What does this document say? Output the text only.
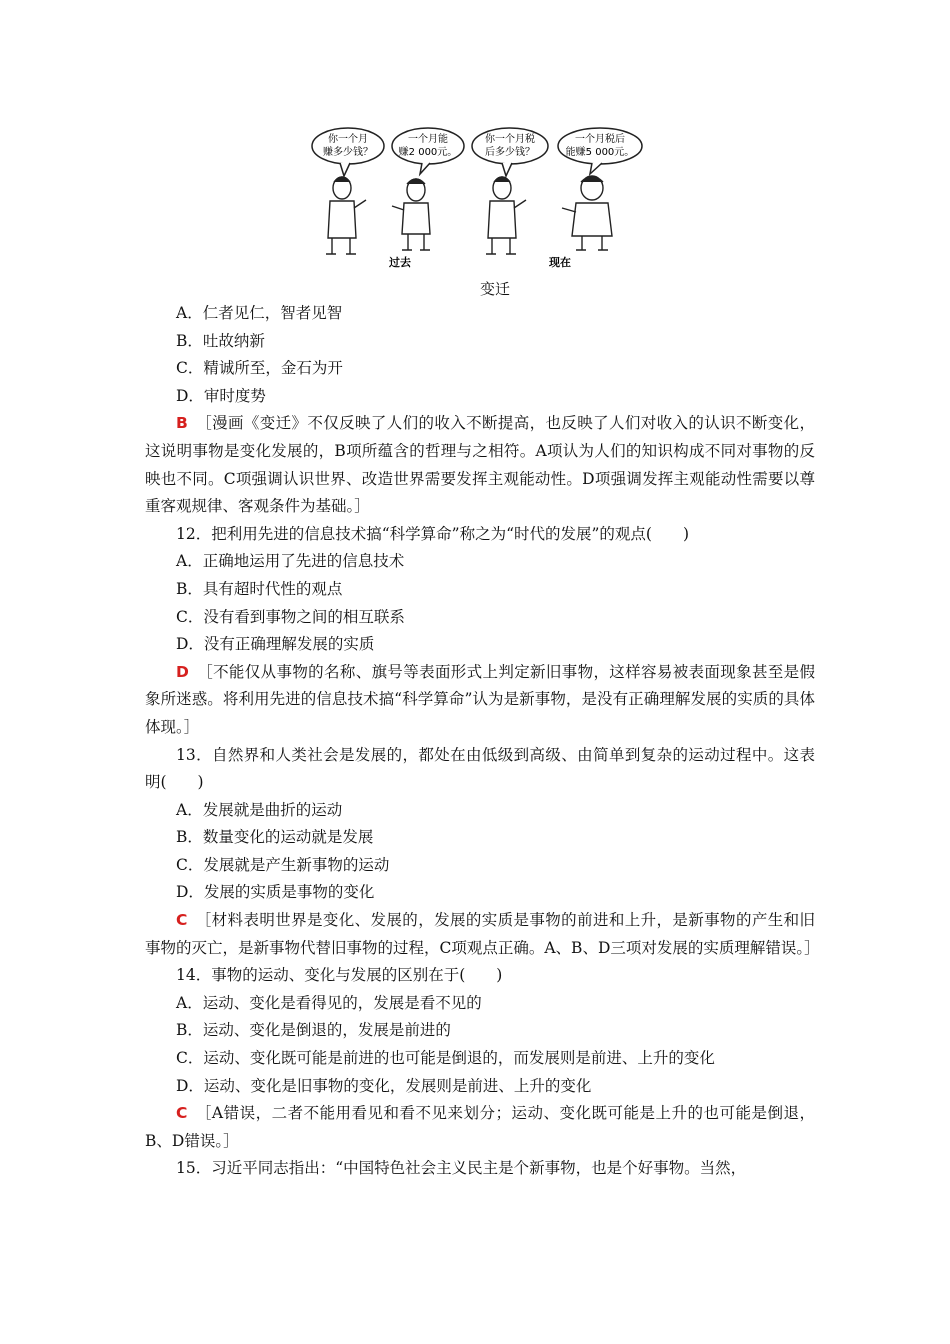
你一个月
赚多少钱？
一个月能
赚2 000元。
你一个月税
后多少钱？
一个月税后
能赚5 000元。
过去	现在
变迁
A．仁者见仁，智者见智
B．吐故纳新
C．精诚所至，金石为开
D．审时度势
B ［漫画《变迁》不仅反映了人们的收入不断提高，也反映了人们对收入的认识不断变化，这说明事物是变化发展的，B项所蕴含的哲理与之相符。A项认为人们的知识构成不同对事物的反映也不同。C项强调认识世界、改造世界需要发挥主观能动性。D项强调发挥主观能动性需要以尊重客观规律、客观条件为基础。］
12．把利用先进的信息技术搞“科学算命”称之为“时代的发展”的观点(　　)
A．正确地运用了先进的信息技术
B．具有超时代性的观点
C．没有看到事物之间的相互联系
D．没有正确理解发展的实质
D ［不能仅从事物的名称、旗号等表面形式上判定新旧事物，这样容易被表面现象甚至是假象所迷惑。将利用先进的信息技术搞“科学算命”认为是新事物，是没有正确理解发展的实质的具体体现。］
13．自然界和人类社会是发展的，都处在由低级到高级、由简单到复杂的运动过程中。这表明(　　)
A．发展就是曲折的运动
B．数量变化的运动就是发展
C．发展就是产生新事物的运动
D．发展的实质是事物的变化
C ［材料表明世界是变化、发展的，发展的实质是事物的前进和上升，是新事物的产生和旧事物的灭亡，是新事物代替旧事物的过程，C项观点正确。A、B、D三项对发展的实质理解错误。］
14．事物的运动、变化与发展的区别在于(　　)
A．运动、变化是看得见的，发展是看不见的
B．运动、变化是倒退的，发展是前进的
C．运动、变化既可能是前进的也可能是倒退的，而发展则是前进、上升的变化
D．运动、变化是旧事物的变化，发展则是前进、上升的变化
C ［A错误，二者不能用看见和看不见来划分；运动、变化既可能是上升的也可能是倒退，B、D错误。］
15．习近平同志指出：“中国特色社会主义民主是个新事物，也是个好事物。当然，
